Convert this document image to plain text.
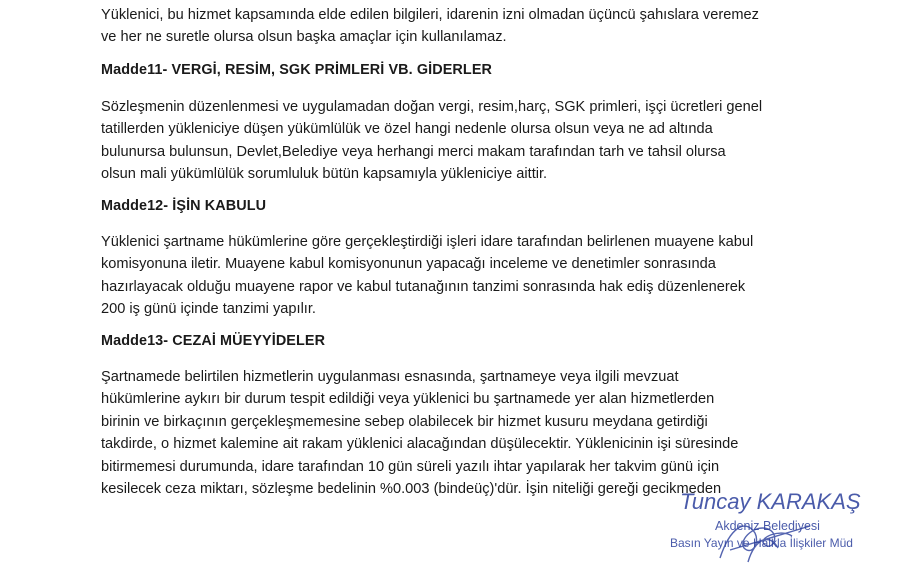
Yüklenici, bu hizmet kapsamında elde edilen bilgileri, idarenin izni olmadan üçüncü şahıslara veremez
ve her ne suretle olursa olsun başka amaçlar için kullanılamaz.

Madde11- VERGİ, RESİM, SGK PRİMLERİ VB. GİDERLER

Sözleşmenin düzenlenmesi ve uygulamadan doğan vergi, resim,harç, SGK primleri, işçi ücretleri genel
tatillerden yükleniciye düşen yükümlülük ve özel hangi nedenle olursa olsun veya ne ad altında
bulunursa bulunsun, Devlet,Belediye veya herhangi merci makam tarafından tarh ve tahsil olursa
olsun mali yükümlülük sorumluluk bütün kapsamıyla yükleniciye aittir.

Madde12- İŞİN KABULU

Yüklenici şartname hükümlerine göre gerçekleştirdiği işleri idare tarafından belirlenen muayene kabul
komisyonuna iletir. Muayene kabul komisyonunun yapacağı inceleme ve denetimler sonrasında
hazırlayacak olduğu muayene rapor ve kabul tutanağının tanzimi sonrasında hak ediş düzenlenerek
200 iş günü içinde tanzimi yapılır.

Madde13- CEZAİ MÜEYYİDELER

Şartnamede belirtilen hizmetlerin uygulanması esnasında, şartnameye veya ilgili mevzuat
hükümlerine aykırı bir durum tespit edildiği veya yüklenici bu şartnamede yer alan hizmetlerden
birinin ve birkaçının gerçekleşmemesine sebep olabilecek bir hizmet kusuru meydana getirdiği
takdirde, o hizmet kalemine ait rakam yüklenici alacağından düşülecektir. Yüklenicinin işi süresinde
bitirmemesi durumunda, idare tarafından 10 gün süreli yazılı ihtar yapılarak her takvim günü için
kesilecek ceza miktarı, sözleşme bedelinin %0.003 (bindeüç)'dür. İşin niteliği gereği gecikmeden

Tuncay KARAKAŞ
Akdeniz Belediyesi
Basın Yayın ve Halkla İlişkiler Müd
